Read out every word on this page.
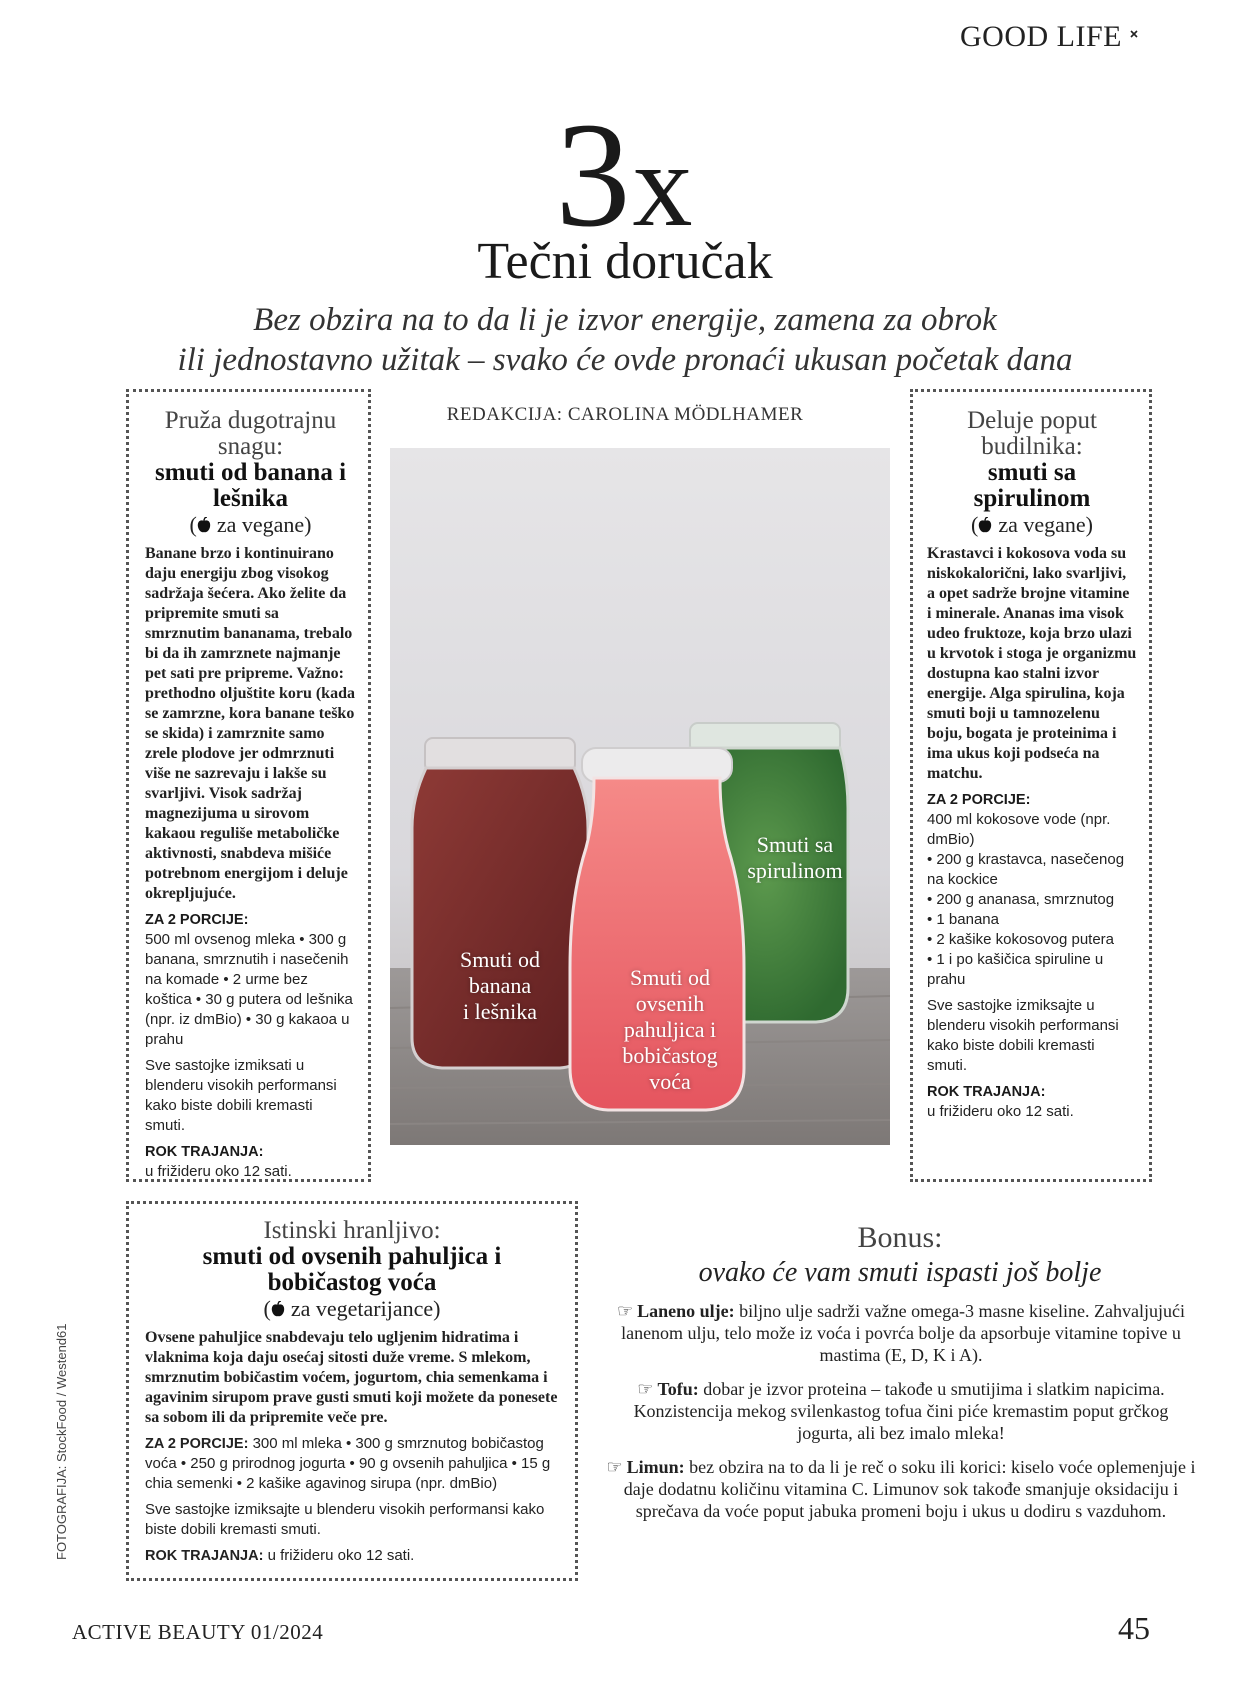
GOOD LIFE
3x
Tečni doručak
Bez obzira na to da li je izvor energije, zamena za obrok
ili jednostavno užitak – svako će ovde pronaći ukusan početak dana
Pruža dugotrajnu snagu:
smuti od banana i lešnika
( za vegane)
Banane brzo i kontinuirano daju energiju zbog visokog sadržaja šećera. Ako želite da pripremite smuti sa smrznutim bananama, trebalo bi da ih zamrznete najmanje pet sati pre pripreme. Važno: prethodno oljuštite koru (kada se zamrzne, kora banane teško se skida) i zamrznite samo zrele plodove jer odmrznuti više ne sazrevaju i lakše su svarljivi. Visok sadržaj magnezijuma u sirovom kakaou reguliše metaboličke aktivnosti, snabdeva mišiće potrebnom energijom i deluje okrepljujuće.
ZA 2 PORCIJE:
500 ml ovsenog mleka • 300 g banana, smrznutih i nasečenih na komade • 2 urme bez koštica • 30 g putera od lešnika (npr. iz dmBio) • 30 g kakaoa u prahu
Sve sastojke izmiksati u blenderu visokih performansi kako biste dobili kremasti smuti.
ROK TRAJANJA:
u frižideru oko 12 sati.
REDAKCIJA: CAROLINA MÖDLHAMER
Smuti od
banana
i lešnika
Smuti sa
spirulinom
Smuti od
ovsenih
pahuljica i
bobičastog
voća
Deluje poput budilnika:
smuti sa spirulinom
( za vegane)
Krastavci i kokosova voda su niskokalorični, lako svarljivi, a opet sadrže brojne vitamine i minerale. Ananas ima visok udeo fruktoze, koja brzo ulazi u krvotok i stoga je organizmu dostupna kao stalni izvor energije. Alga spirulina, koja smuti boji u tamnozelenu boju, bogata je proteinima i ima ukus koji podseća na matchu.
ZA 2 PORCIJE:
400 ml kokosove vode (npr. dmBio)
• 200 g krastavca, nasečenog na kockice
• 200 g ananasa, smrznutog
• 1 banana
• 2 kašike kokosovog putera
• 1 i po kašičica spiruline u prahu
Sve sastojke izmiksajte u blenderu visokih performansi kako biste dobili kremasti smuti.
ROK TRAJANJA:
u frižideru oko 12 sati.
Istinski hranljivo:
smuti od ovsenih pahuljica i bobičastog voća
( za vegetarijance)
Ovsene pahuljice snabdevaju telo ugljenim hidratima i vlaknima koja daju osećaj sitosti duže vreme. S mlekom, smrznutim bobičastim voćem, jogurtom, chia semenkama i agavinim sirupom prave gusti smuti koji možete da ponesete sa sobom ili da pripremite veče pre.
ZA 2 PORCIJE: 300 ml mleka • 300 g smrznutog bobičastog voća • 250 g prirodnog jogurta • 90 g ovsenih pahuljica • 15 g chia semenki • 2 kašike agavinog sirupa (npr. dmBio)
Sve sastojke izmiksajte u blenderu visokih performansi kako biste dobili kremasti smuti.
ROK TRAJANJA: u frižideru oko 12 sati.
Bonus:
ovako će vam smuti ispasti još bolje
☞ Laneno ulje: biljno ulje sadrži važne omega-3 masne kiseline. Zahvaljujući lanenom ulju, telo može iz voća i povrća bolje da apsorbuje vitamine topive u mastima (E, D, K i A).
☞ Tofu: dobar je izvor proteina – takođe u smutijima i slatkim napicima. Konzistencija mekog svilenkastog tofua čini piće kremastim poput grčkog jogurta, ali bez imalo mleka!
☞ Limun: bez obzira na to da li je reč o soku ili korici: kiselo voće oplemenjuje i daje dodatnu količinu vitamina C. Limunov sok takođe smanjuje oksidaciju i sprečava da voće poput jabuka promeni boju i ukus u dodiru s vazduhom.
FOTOGRAFIJA: StockFood / Westend61
ACTIVE BEAUTY 01/2024	45
